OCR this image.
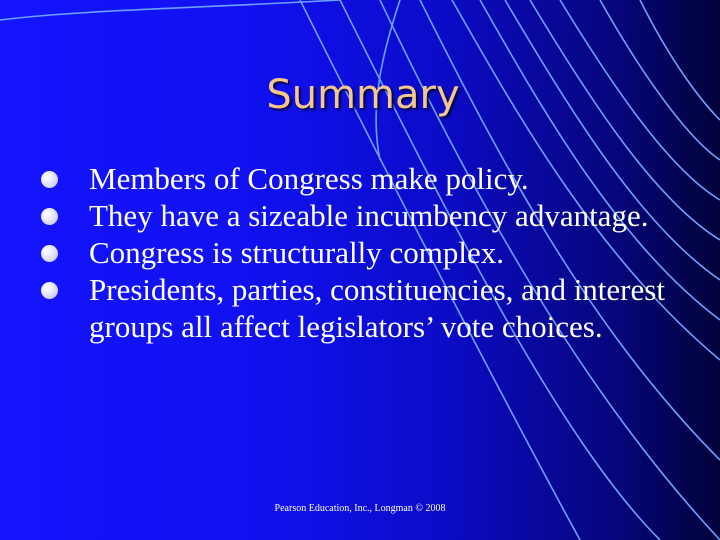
Summary
Members of Congress make policy.
They have a sizeable incumbency advantage.
Congress is structurally complex.
Presidents, parties, constituencies, and interest groups all affect legislators’ vote choices.
Pearson Education, Inc., Longman © 2008
